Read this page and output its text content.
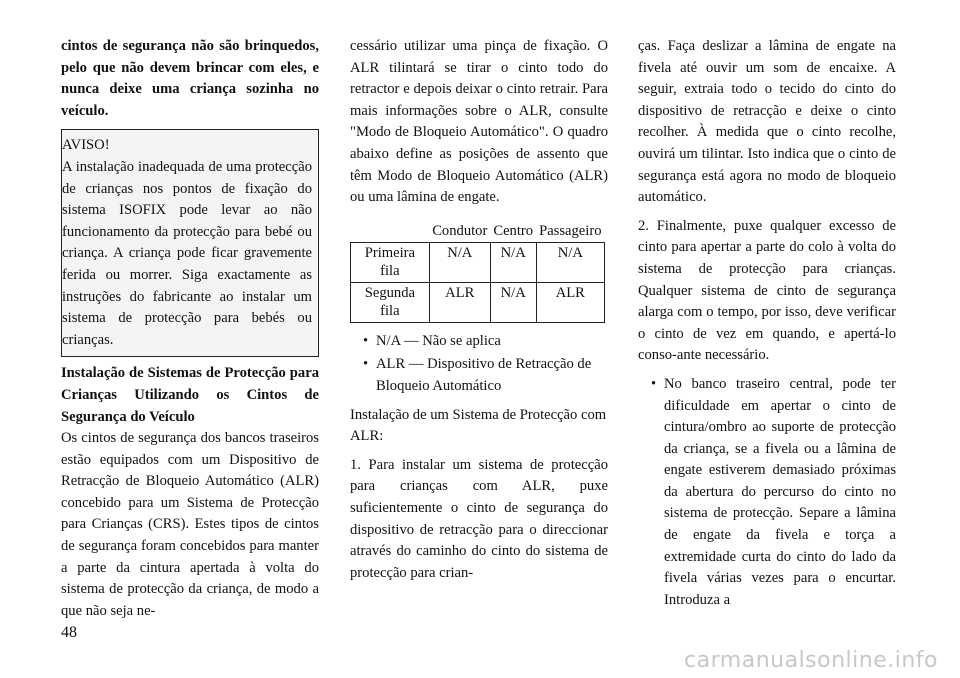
cintos de segurança não são brinquedos, pelo que não devem brincar com eles, e nunca deixe uma criança sozinha no veículo.

AVISO!

A instalação inadequada de uma protecção de crianças nos pontos de fixação do sistema ISOFIX pode levar ao não funcionamento da protecção para bebé ou criança. A criança pode ficar gravemente ferida ou morrer. Siga exactamente as instruções do fabricante ao instalar um sistema de protecção para bebés ou crianças.

Instalação de Sistemas de Protecção para Crianças Utilizando os Cintos de Segurança do Veículo

Os cintos de segurança dos bancos traseiros estão equipados com um Dispositivo de Retracção de Bloqueio Automático (ALR) concebido para um Sistema de Protecção para Crianças (CRS). Estes tipos de cintos de segurança foram concebidos para manter a parte da cintura apertada à volta do sistema de protecção da criança, de modo a que não seja ne-

cessário utilizar uma pinça de fixação. O ALR tilintará se tirar o cinto todo do retractor e depois deixar o cinto retrair. Para mais informações sobre o ALR, consulte "Modo de Bloqueio Automático". O quadro abaixo define as posições de assento que têm Modo de Bloqueio Automático (ALR) ou uma lâmina de engate.

	Condutor	Centro	Passageiro
Primeira fila	N/A	N/A	N/A
Segunda fila	ALR	N/A	ALR
• N/A — Não se aplica
• ALR — Dispositivo de Retracção de Bloqueio Automático

Instalação de um Sistema de Protecção com ALR:

1. Para instalar um sistema de protecção para crianças com ALR, puxe suficientemente o cinto de segurança do dispositivo de retracção para o direccionar através do caminho do cinto do sistema de protecção para crian-

ças. Faça deslizar a lâmina de engate na fivela até ouvir um som de encaixe. A seguir, extraia todo o tecido do cinto do dispositivo de retracção e deixe o cinto recolher. À medida que o cinto recolhe, ouvirá um tilintar. Isto indica que o cinto de segurança está agora no modo de bloqueio automático.

2. Finalmente, puxe qualquer excesso de cinto para apertar a parte do colo à volta do sistema de protecção para crianças. Qualquer sistema de cinto de segurança alarga com o tempo, por isso, deve verificar o cinto de vez em quando, e apertá-lo conso-ante necessário.

• No banco traseiro central, pode ter dificuldade em apertar o cinto de cintura/ombro ao suporte de protecção da criança, se a fivela ou a lâmina de engate estiverem demasiado próximas da abertura do percurso do cinto no sistema de protecção. Separe a lâmina de engate da fivela e torça a extremidade curta do cinto do lado da fivela várias vezes para o encurtar. Introduza a
48
carmanualsonline.info
